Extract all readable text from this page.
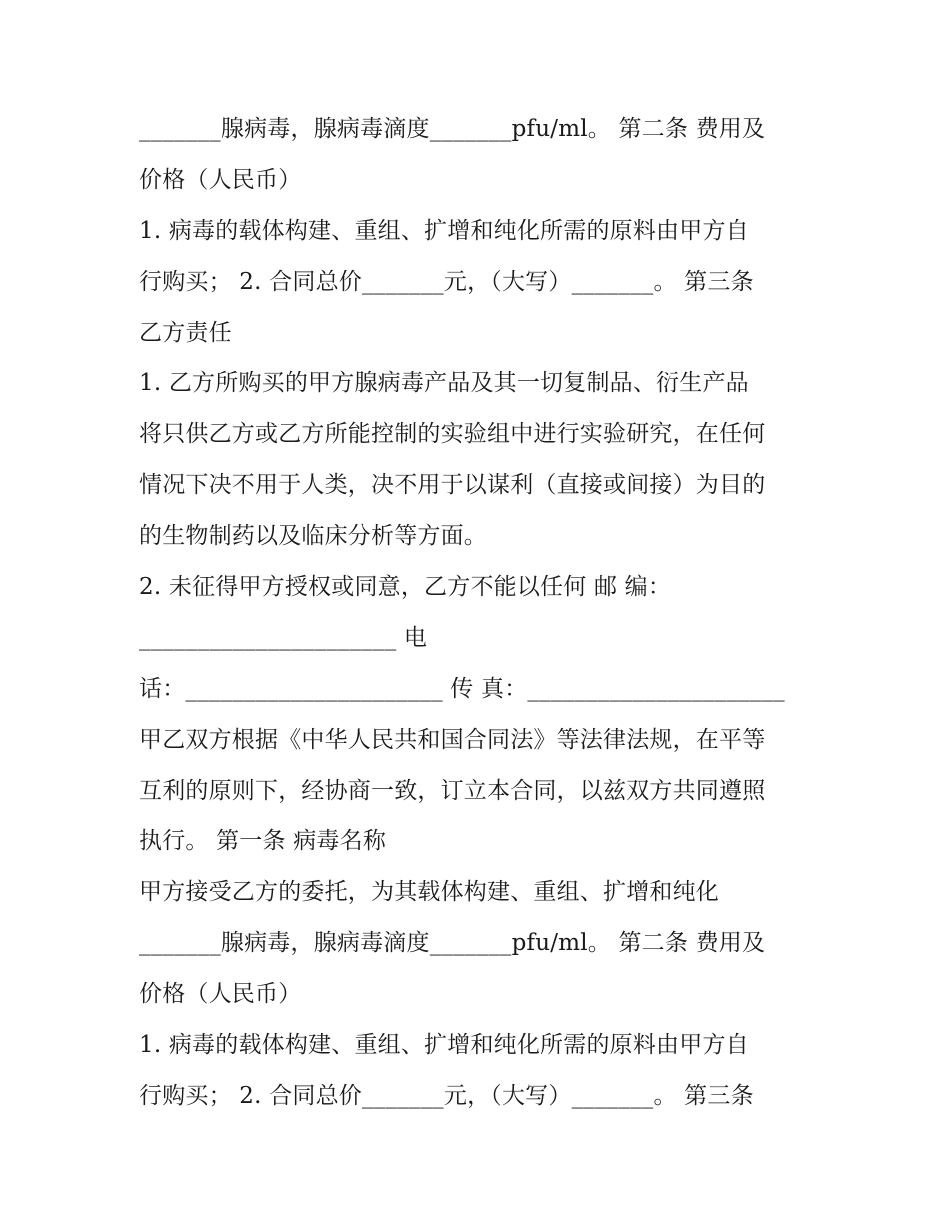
_______腺病毒，腺病毒滴度_______pfu/ml。 第二条 费用及
价格（人民币）
1. 病毒的载体构建、重组、扩增和纯化所需的原料由甲方自
行购买； 2. 合同总价_______元，（大写）_______。 第三条
乙方责任
1. 乙方所购买的甲方腺病毒产品及其一切复制品、衍生产品
将只供乙方或乙方所能控制的实验组中进行实验研究，在任何
情况下决不用于人类，决不用于以谋利（直接或间接）为目的
的生物制药以及临床分析等方面。
2. 未征得甲方授权或同意，乙方不能以任何 邮 编：
______________________ 电
话：______________________ 传 真：______________________
甲乙双方根据《中华人民共和国合同法》等法律法规，在平等
互利的原则下，经协商一致，订立本合同，以兹双方共同遵照
执行。 第一条 病毒名称
甲方接受乙方的委托，为其载体构建、重组、扩增和纯化
_______腺病毒，腺病毒滴度_______pfu/ml。 第二条 费用及
价格（人民币）
1. 病毒的载体构建、重组、扩增和纯化所需的原料由甲方自
行购买； 2. 合同总价_______元，（大写）_______。 第三条
